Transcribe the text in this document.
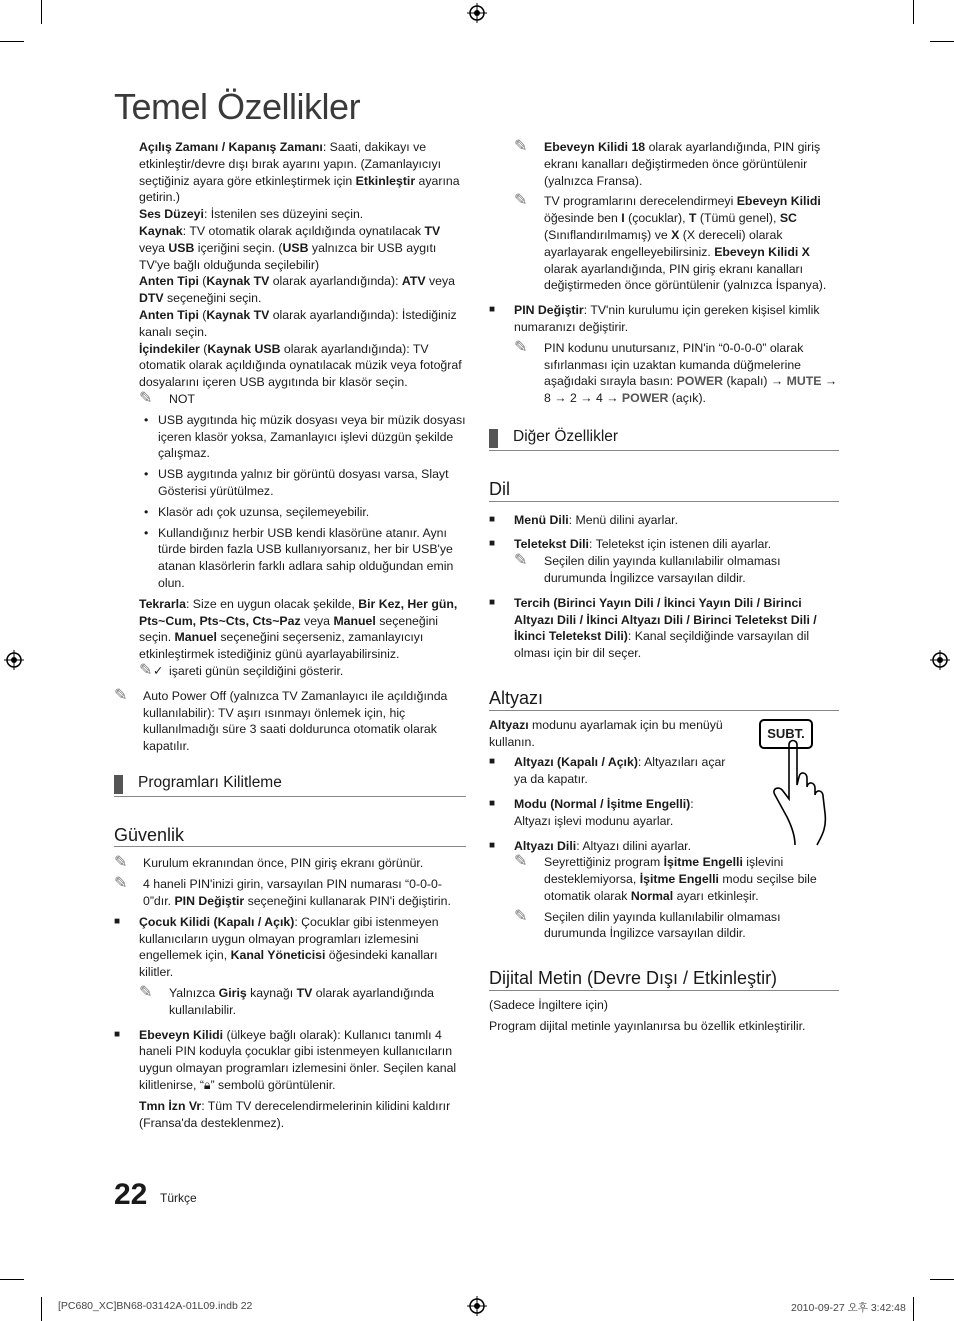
Temel Özellikler

Açılış Zamanı / Kapanış Zamanı: Saati, dakikayı ve etkinleştir/devre dışı bırak ayarını yapın. (Zamanlayıcıyı seçtiğiniz ayara göre etkinleştirmek için Etkinleştir ayarına getirin.)

Ses Düzeyi: İstenilen ses düzeyini seçin.

Kaynak: TV otomatik olarak açıldığında oynatılacak TV veya USB içeriğini seçin. (USB yalnızca bir USB aygıtı TV'ye bağlı olduğunda seçilebilir)

Anten Tipi (Kaynak TV olarak ayarlandığında): ATV veya DTV seçeneğini seçin.

Anten Tipi (Kaynak TV olarak ayarlandığında): İstediğiniz kanalı seçin.

İçindekiler (Kaynak USB olarak ayarlandığında): TV otomatik olarak açıldığında oynatılacak müzik veya fotoğraf dosyalarını içeren USB aygıtında bir klasör seçin.

✎ NOT

• USB aygıtında hiç müzik dosyası veya bir müzik dosyası içeren klasör yoksa, Zamanlayıcı işlevi düzgün şekilde çalışmaz.

• USB aygıtında yalnız bir görüntü dosyası varsa, Slayt Gösterisi yürütülmez.

• Klasör adı çok uzunsa, seçilemeyebilir.

• Kullandığınız herbir USB kendi klasörüne atanır. Aynı türde birden fazla USB kullanıyorsanız, her bir USB'ye atanan klasörlerin farklı adlara sahip olduğundan emin olun.

Tekrarla: Size en uygun olacak şekilde, Bir Kez, Her gün, Pts~Cum, Pts~Cts, Cts~Paz veya Manuel seçeneğini seçin. Manuel seçeneğini seçerseniz, zamanlayıcıyı etkinleştirmek istediğiniz günü ayarlayabilirsiniz.

✎ ✓ işareti günün seçildiğini gösterir.

✎ Auto Power Off (yalnızca TV Zamanlayıcı ile açıldığında kullanılabilir): TV aşırı ısınmayı önlemek için, hiç kullanılmadığı süre 3 saati doldurunca otomatik olarak kapatılır.

Programları Kilitleme
Güvenlik

✎ Kurulum ekranından önce, PIN giriş ekranı görünür.

✎ 4 haneli PIN'inizi girin, varsayılan PIN numarası “0-0-0-0”dır. PIN Değiştir seçeneğini kullanarak PIN'i değiştirin.

■ Çocuk Kilidi (Kapalı / Açık): Çocuklar gibi istenmeyen kullanıcıların uygun olmayan programları izlemesini engellemek için, Kanal Yöneticisi öğesindeki kanalları kilitler.

✎ Yalnızca Giriş kaynağı TV olarak ayarlandığında kullanılabilir.

■ Ebeveyn Kilidi (ülkeye bağlı olarak): Kullanıcı tanımlı 4 haneli PIN koduyla çocuklar gibi istenmeyen kullanıcıların uygun olmayan programları izlemesini önler. Seçilen kanal kilitlenirse, “🔒︎” sembolü görüntülenir.

Tmn İzn Vr: Tüm TV derecelendirmelerinin kilidini kaldırır (Fransa'da desteklenmez).

✎ Ebeveyn Kilidi 18 olarak ayarlandığında, PIN giriş ekranı kanalları değiştirmeden önce görüntülenir (yalnızca Fransa).

✎ TV programlarını derecelendirmeyi Ebeveyn Kilidi öğesinde ben I (çocuklar), T (Tümü genel), SC (Sınıflandırılmamış) ve X (X dereceli) olarak ayarlayarak engelleyebilirsiniz. Ebeveyn Kilidi X olarak ayarlandığında, PIN giriş ekranı kanalları değiştirmeden önce görüntülenir (yalnızca İspanya).

■ PIN Değiştir: TV'nin kurulumu için gereken kişisel kimlik numaranızı değiştirir.

✎ PIN kodunu unutursanız, PIN'in “0-0-0-0” olarak sıfırlanması için uzaktan kumanda düğmelerine aşağıdaki sırayla basın: POWER (kapalı) → MUTE → 8 → 2 → 4 → POWER (açık).

Diğer Özellikler
Dil

■ Menü Dili: Menü dilini ayarlar.

■ Teletekst Dili: Teletekst için istenen dili ayarlar.

✎ Seçilen dilin yayında kullanılabilir olmaması durumunda İngilizce varsayılan dildir.

■ Tercih (Birinci Yayın Dili / İkinci Yayın Dili / Birinci Altyazı Dili / İkinci Altyazı Dili / Birinci Teletekst Dili / İkinci Teletekst Dili): Kanal seçildiğinde varsayılan dil olması için bir dil seçer.

Altyazı

Altyazı modunu ayarlamak için bu menüyü kullanın.

■ Altyazı (Kapalı / Açık): Altyazıları açar ya da kapatır.

■ Modu (Normal / İşitme Engelli): Altyazı işlevi modunu ayarlar.

SUBT.

■ Altyazı Dili: Altyazı dilini ayarlar.

✎ Seyrettiğiniz program İşitme Engelli işlevini desteklemiyorsa, İşitme Engelli modu seçilse bile otomatik olarak Normal ayarı etkinleşir.

✎ Seçilen dilin yayında kullanılabilir olmaması durumunda İngilizce varsayılan dildir.

Dijital Metin (Devre Dışı / Etkinleştir)

(Sadece İngiltere için)

Program dijital metinle yayınlanırsa bu özellik etkinleştirilir.

22 Türkçe
[PC680_XC]BN68-03142A-01L09.indb 22	2010-09-27 오후 3:42:48
